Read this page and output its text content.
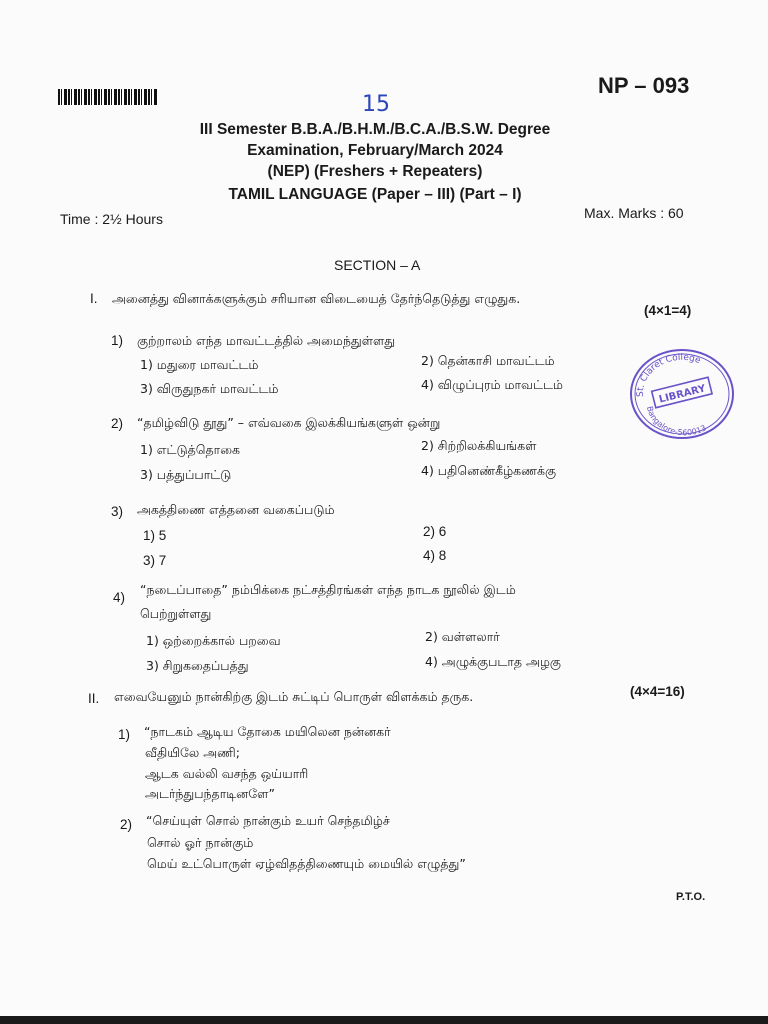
NP – 093
15
III Semester B.B.A./B.H.M./B.C.A./B.S.W. Degree
Examination, February/March 2024
(NEP) (Freshers + Repeaters)
TAMIL LANGUAGE (Paper – III) (Part – I)
Time : 2½ Hours	Max. Marks : 60
SECTION – A
I. அனைத்து வினாக்களுக்கும் சரியான விடையைத் தேர்ந்தெடுத்து எழுதுக.
(4×1=4)
1) குற்றாலம் எந்த மாவட்டத்தில் அமைந்துள்ளது
1) மதுரை மாவட்டம்	2) தென்காசி மாவட்டம்
3) விருதுநகர் மாவட்டம்	4) விழுப்புரம் மாவட்டம்
2) “தமிழ்விடு தூது” – எவ்வகை இலக்கியங்களுள் ஒன்று
1) எட்டுத்தொகை	2) சிற்றிலக்கியங்கள்
3) பத்துப்பாட்டு	4) பதினெண்கீழ்கணக்கு
3) அகத்திணை எத்தனை வகைப்படும்
1) 5	2) 6
3) 7	4) 8
4)
“நடைப்பாதை” நம்பிக்கை நட்சத்திரங்கள் எந்த நாடக நூலில் இடம்
பெற்றுள்ளது
1) ஒற்றைக்கால் பறவை	2) வள்ளலார்
3) சிறுகதைப்பத்து	4) அழுக்குபடாத அழகு
II. எவையேனும் நான்கிற்கு இடம் சுட்டிப் பொருள் விளக்கம் தருக.	(4×4=16)
1) “நாடகம் ஆடிய தோகை மயிலென நன்னகர்
வீதியிலே அணி;
ஆடக வல்லி வசந்த ஒய்யாரி
அடர்ந்துபந்தாடினளே”
2) “செய்யுள் சொல் நான்கும் உயர் செந்தமிழ்ச்
சொல் ஓர் நான்கும்
மெய் உட்பொருள் ஏழ்விதத்திணையும் மையில் எழுத்து”
St. Claret College
LIBRARY
Bangalore-560013
P.T.O.
